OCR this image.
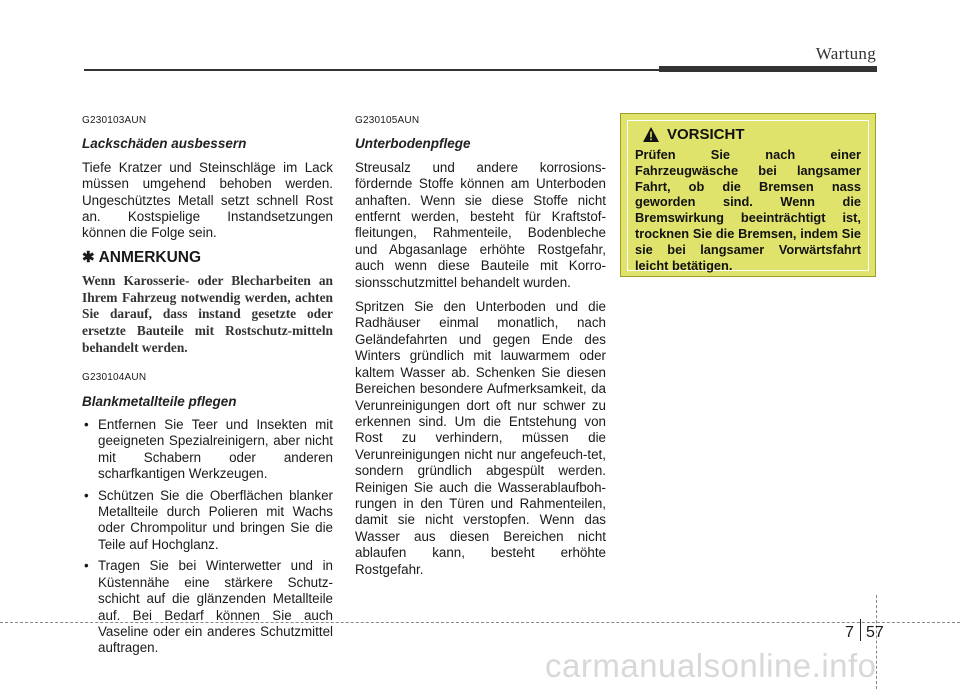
Wartung
G230103AUN
Lackschäden ausbessern

Tiefe Kratzer und Steinschläge im Lack müssen umgehend behoben werden. Ungeschütztes Metall setzt schnell Rost an. Kostspielige Instandsetzungen können die Folge sein.

✱ ANMERKUNG
Wenn Karosserie- oder Blecharbeiten an Ihrem Fahrzeug notwendig werden, achten Sie darauf, dass instand gesetzte oder ersetzte Bauteile mit Rostschutz-mitteln behandelt werden.
G230104AUN
Blankmetallteile pflegen
• Entfernen Sie Teer und Insekten mit geeigneten Spezialreinigern, aber nicht mit Schabern oder anderen scharfkantigen Werkzeugen.
• Schützen Sie die Oberflächen blanker Metallteile durch Polieren mit Wachs oder Chrompolitur und bringen Sie die Teile auf Hochglanz.
• Tragen Sie bei Winterwetter und in Küstennähe eine stärkere Schutz-schicht auf die glänzenden Metallteile auf. Bei Bedarf können Sie auch Vaseline oder ein anderes Schutzmittel auftragen.
G230105AUN
Unterbodenpflege

Streusalz und andere korrosions-fördernde Stoffe können am Unterboden anhaften. Wenn sie diese Stoffe nicht entfernt werden, besteht für Kraftstof-fleitungen, Rahmenteile, Bodenbleche und Abgasanlage erhöhte Rostgefahr, auch wenn diese Bauteile mit Korro-sionsschutzmittel behandelt wurden.

Spritzen Sie den Unterboden und die Radhäuser einmal monatlich, nach Geländefahrten und gegen Ende des Winters gründlich mit lauwarmem oder kaltem Wasser ab. Schenken Sie diesen Bereichen besondere Aufmerksamkeit, da Verunreinigungen dort oft nur schwer zu erkennen sind. Um die Entstehung von Rost zu verhindern, müssen die Verunreinigungen nicht nur angefeuch-tet, sondern gründlich abgespült werden. Reinigen Sie auch die Wasserablaufboh-rungen in den Türen und Rahmenteilen, damit sie nicht verstopfen. Wenn das Wasser aus diesen Bereichen nicht ablaufen kann, besteht erhöhte Rostgefahr.

VORSICHT
Prüfen Sie nach einer Fahrzeugwäsche bei langsamer Fahrt, ob die Bremsen nass geworden sind. Wenn die Bremswirkung beeinträchtigt ist, trocknen Sie die Bremsen, indem Sie sie bei langsamer Vorwärtsfahrt leicht betätigen.
7 57
carmanualsonline.info
